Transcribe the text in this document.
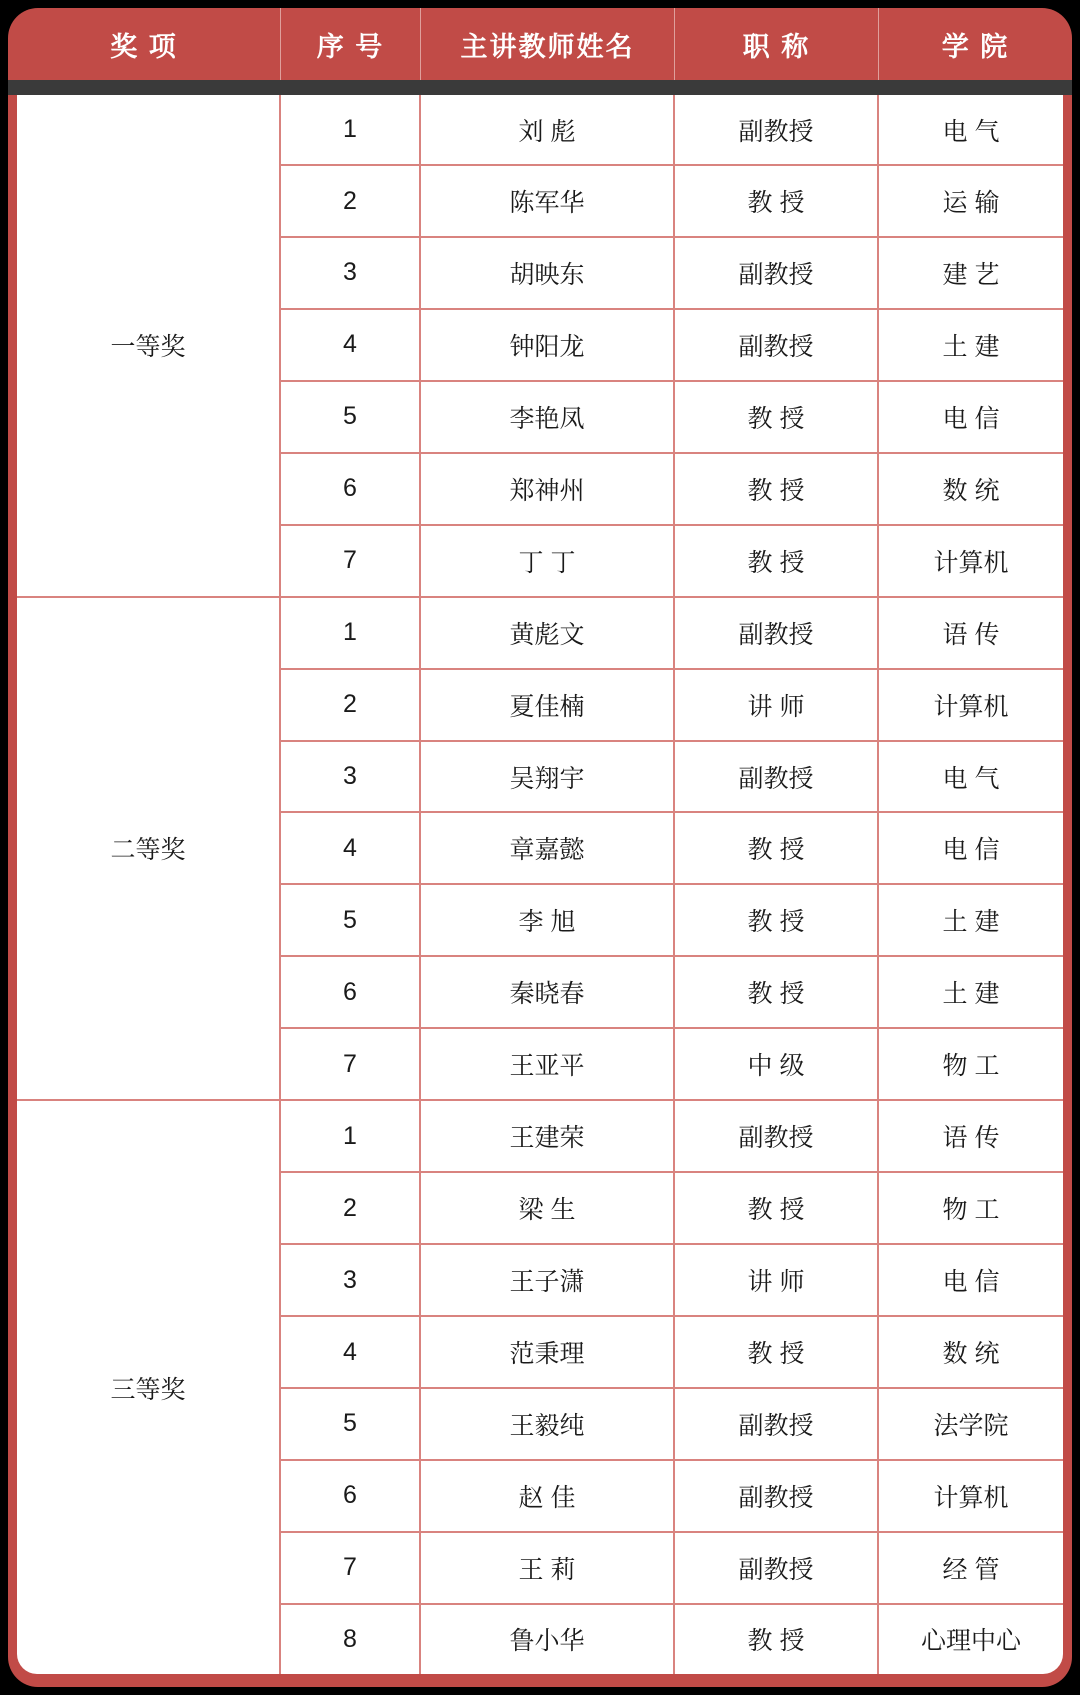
奖 项	序 号	主讲教师姓名	职 称	学 院
一等奖	1	刘 彪	副教授	电 气
	2	陈军华	教 授	运 输
	3	胡映东	副教授	建 艺
	4	钟阳龙	副教授	土 建
	5	李艳凤	教 授	电 信
	6	郑神州	教 授	数 统
	7	丁 丁	教 授	计算机
二等奖	1	黄彪文	副教授	语 传
	2	夏佳楠	讲 师	计算机
	3	吴翔宇	副教授	电 气
	4	章嘉懿	教 授	电 信
	5	李 旭	教 授	土 建
	6	秦晓春	教 授	土 建
	7	王亚平	中 级	物 工
三等奖	1	王建荣	副教授	语 传
	2	梁 生	教 授	物 工
	3	王子潇	讲 师	电 信
	4	范秉理	教 授	数 统
	5	王毅纯	副教授	法学院
	6	赵 佳	副教授	计算机
	7	王 莉	副教授	经 管
	8	鲁小华	教 授	心理中心
